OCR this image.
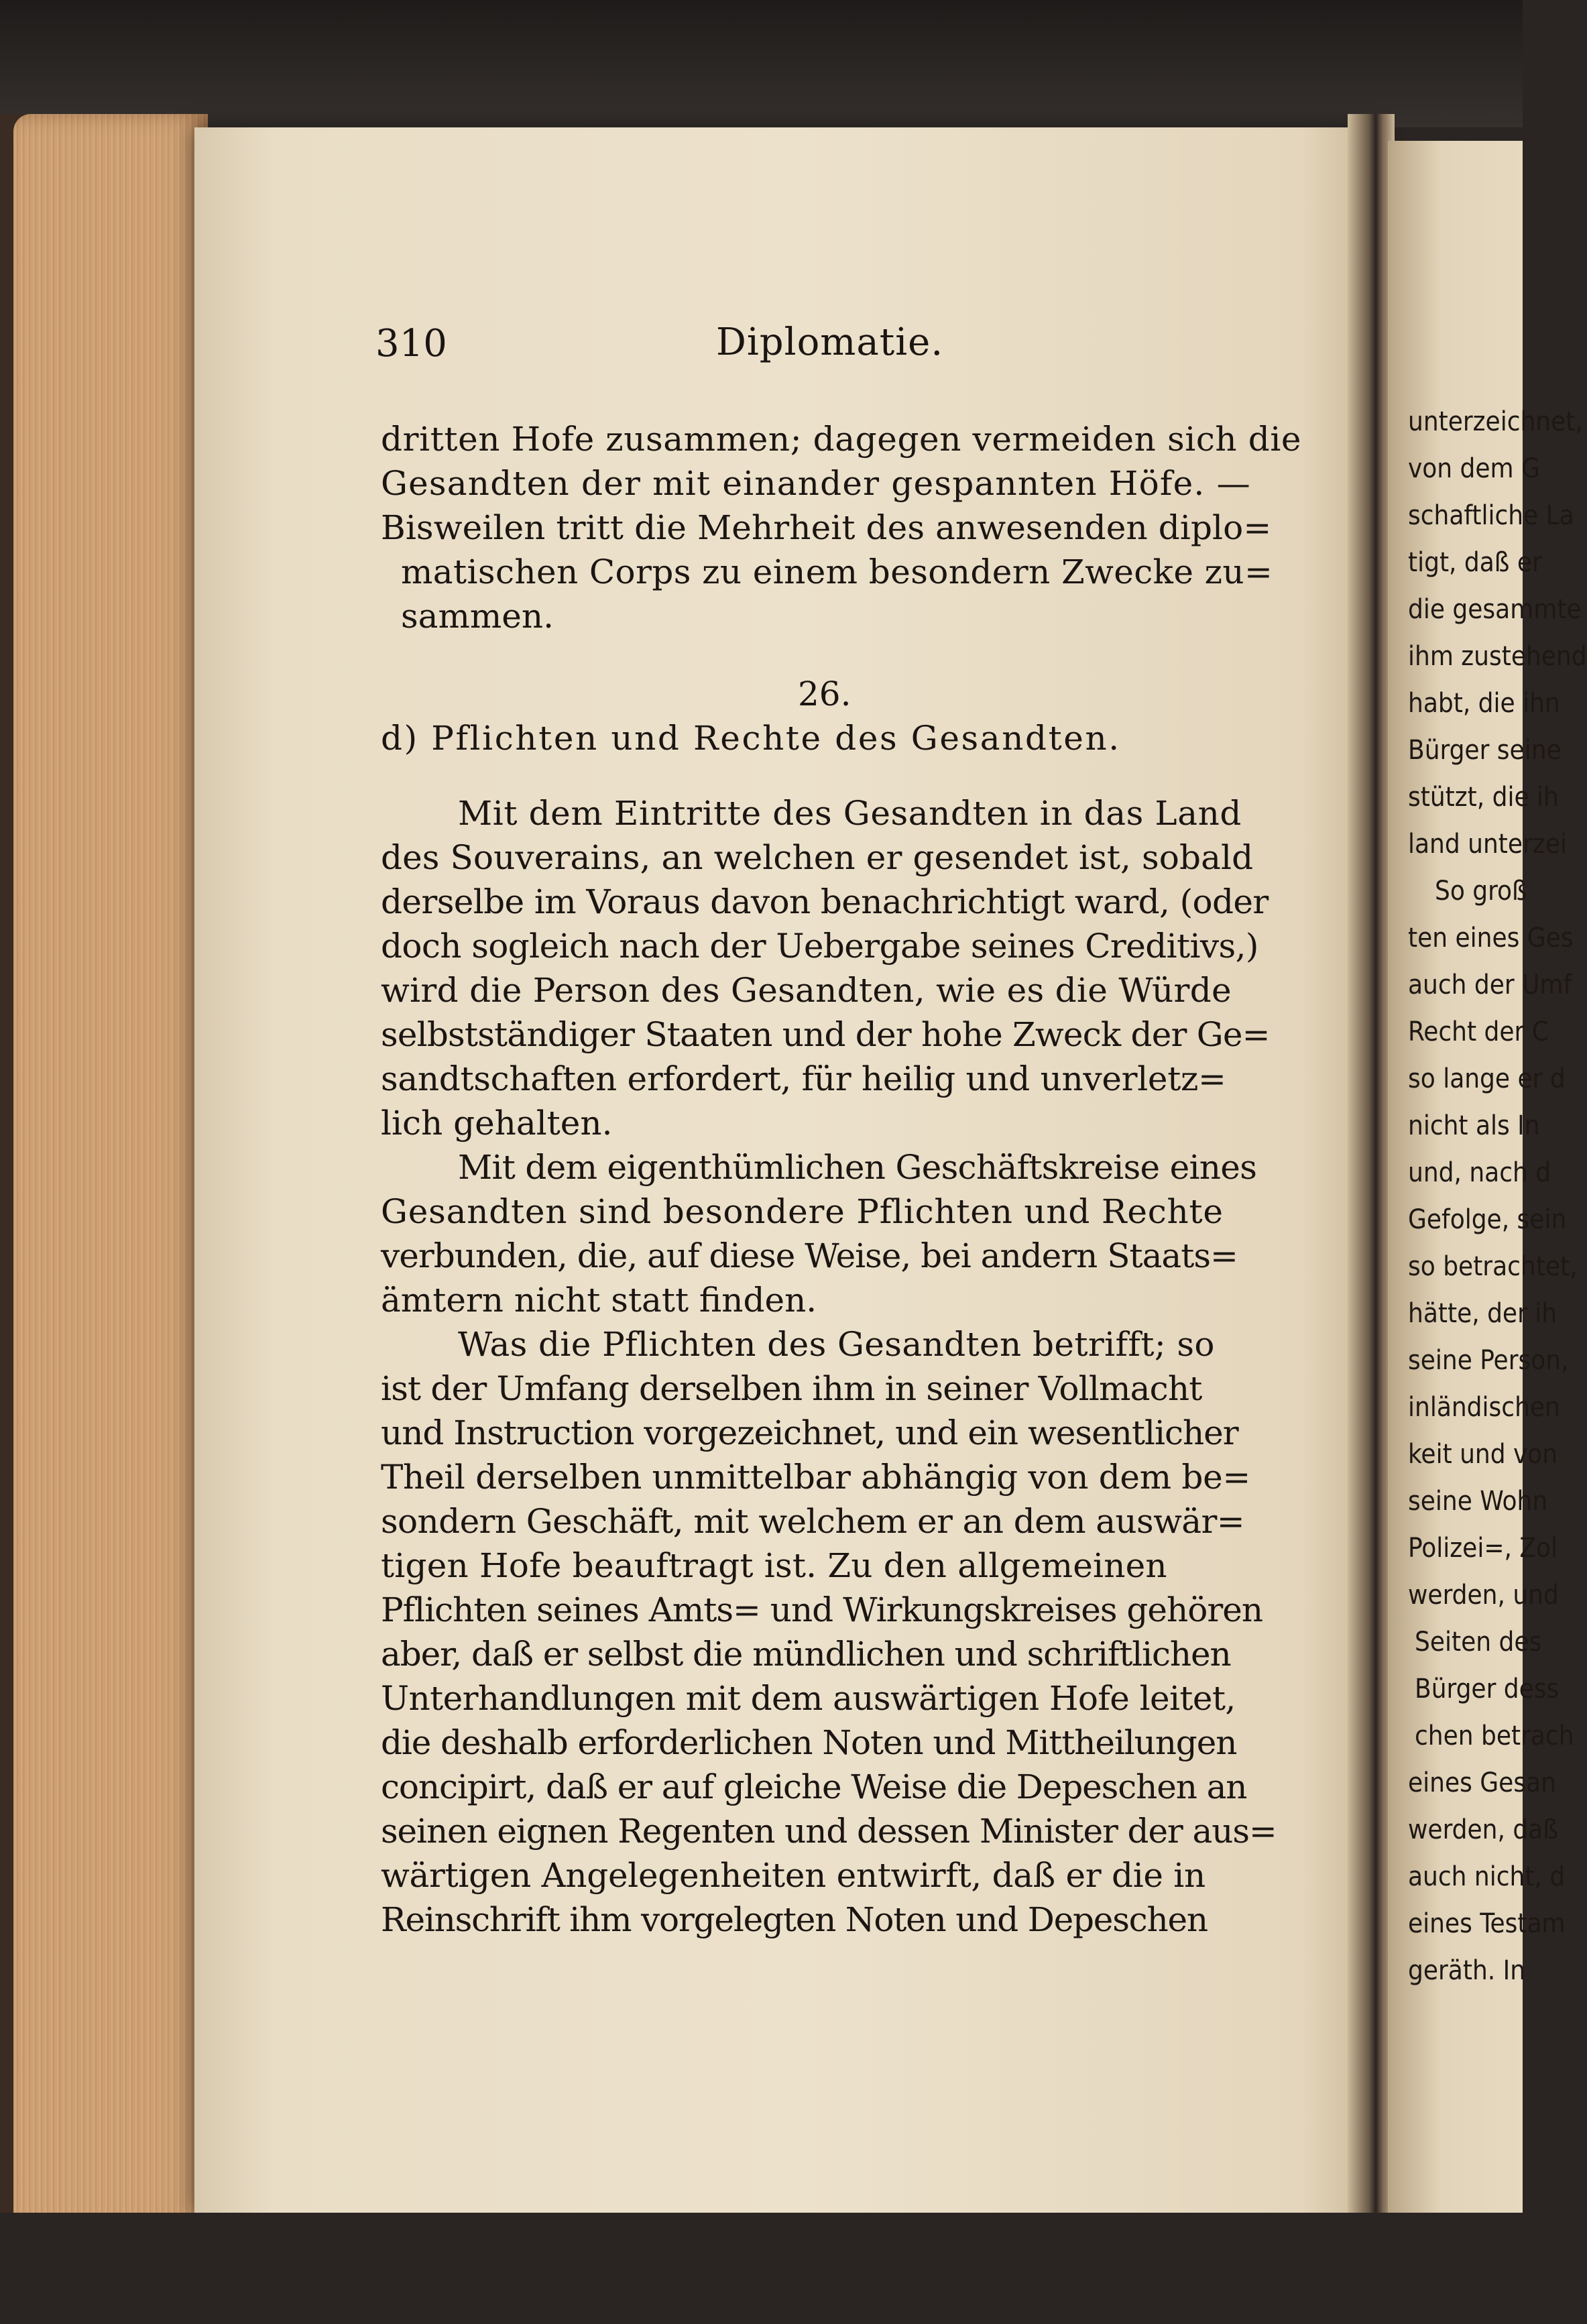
310	Diplomatie.
dritten Hofe zusammen; dagegen vermeiden sich die
Gesandten der mit einander gespannten Höfe. —
Bisweilen tritt die Mehrheit des anwesenden diplo=
matischen Corps zu einem besondern Zwecke zu=
sammen.
26.
d) Pflichten und Rechte des Gesandten.
Mit dem Eintritte des Gesandten in das Land
des Souverains, an welchen er gesendet ist, sobald
derselbe im Voraus davon benachrichtigt ward, (oder
doch sogleich nach der Uebergabe seines Creditivs,)
wird die Person des Gesandten, wie es die Würde
selbstständiger Staaten und der hohe Zweck der Ge=
sandtschaften erfordert, für heilig und unverletz=
lich gehalten.
Mit dem eigenthümlichen Geschäftskreise eines
Gesandten sind besondere Pflichten und Rechte
verbunden, die, auf diese Weise, bei andern Staats=
ämtern nicht statt finden.
Was die Pflichten des Gesandten betrifft; so
ist der Umfang derselben ihm in seiner Vollmacht
und Instruction vorgezeichnet, und ein wesentlicher
Theil derselben unmittelbar abhängig von dem be=
sondern Geschäft, mit welchem er an dem auswär=
tigen Hofe beauftragt ist. Zu den allgemeinen
Pflichten seines Amts= und Wirkungskreises gehören
aber, daß er selbst die mündlichen und schriftlichen
Unterhandlungen mit dem auswärtigen Hofe leitet,
die deshalb erforderlichen Noten und Mittheilungen
concipirt, daß er auf gleiche Weise die Depeschen an
seinen eignen Regenten und dessen Minister der aus=
wärtigen Angelegenheiten entwirft, daß er die in
Reinschrift ihm vorgelegten Noten und Depeschen
unterzeichnet,
von dem G
schaftliche La
tigt, daß er
die gesammte
ihm zustehend
habt, die ihn
Bürger seine
stützt, die ih
land unterzei
So groß
ten eines Ges
auch der Umf
Recht der C
so lange er d
nicht als In
und, nach d
Gefolge, sein
so betrachtet,
hätte, der ih
seine Person,
inländischen
keit und von
seine Wohn
Polizei=, Zol
werden, und
Seiten des
Bürger dess
chen betrach
eines Gesan
werden, daß
auch nicht, d
eines Testam
geräth. In
